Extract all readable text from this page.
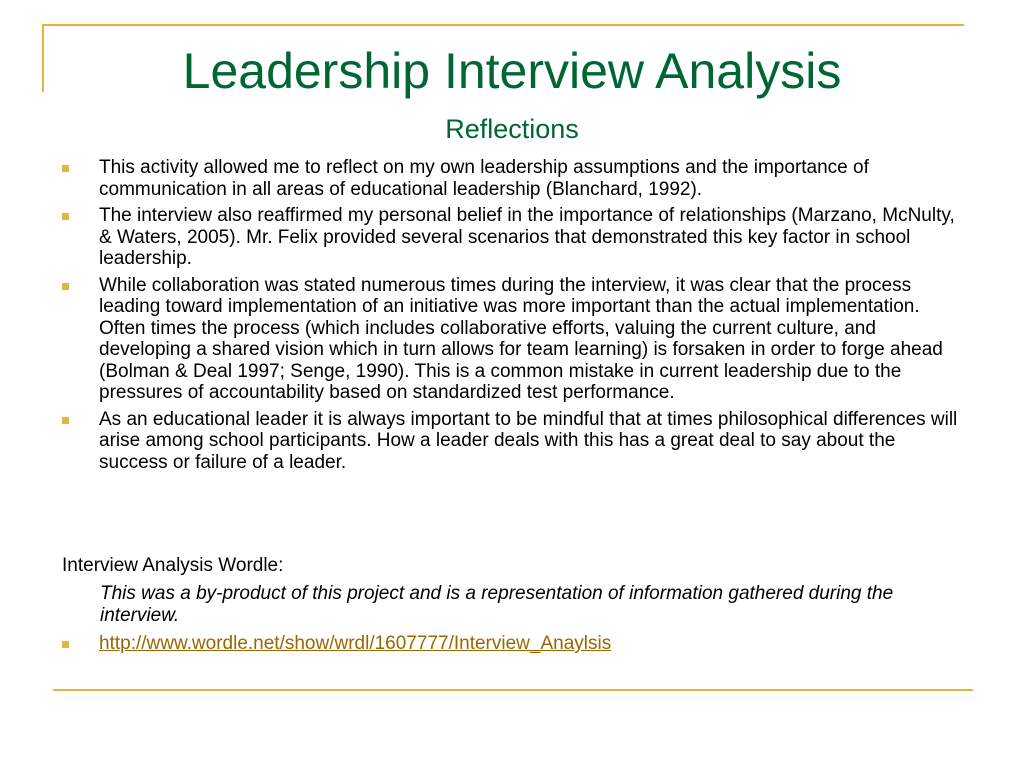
Leadership Interview Analysis
Reflections
This activity allowed me to reflect on my own leadership assumptions and the importance of communication in all areas of educational leadership (Blanchard, 1992).
The interview also reaffirmed my personal belief in the importance of relationships (Marzano, McNulty, & Waters, 2005). Mr. Felix provided several scenarios that demonstrated this key factor in school leadership.
While collaboration was stated numerous times during the interview, it was clear that the process leading toward implementation of an initiative was more important than the actual implementation. Often times the process (which includes collaborative efforts, valuing the current culture, and developing a shared vision which in turn allows for team learning) is forsaken in order to forge ahead (Bolman & Deal 1997; Senge, 1990). This is a common mistake in current leadership due to the pressures of accountability based on standardized test performance.
As an educational leader it is always important to be mindful that at times philosophical differences will arise among school participants. How a leader deals with this has a great deal to say about the success or failure of a leader.
Interview Analysis Wordle:
This was a by-product of this project and is a representation of information gathered during the interview.
http://www.wordle.net/show/wrdl/1607777/Interview_Anaylsis
